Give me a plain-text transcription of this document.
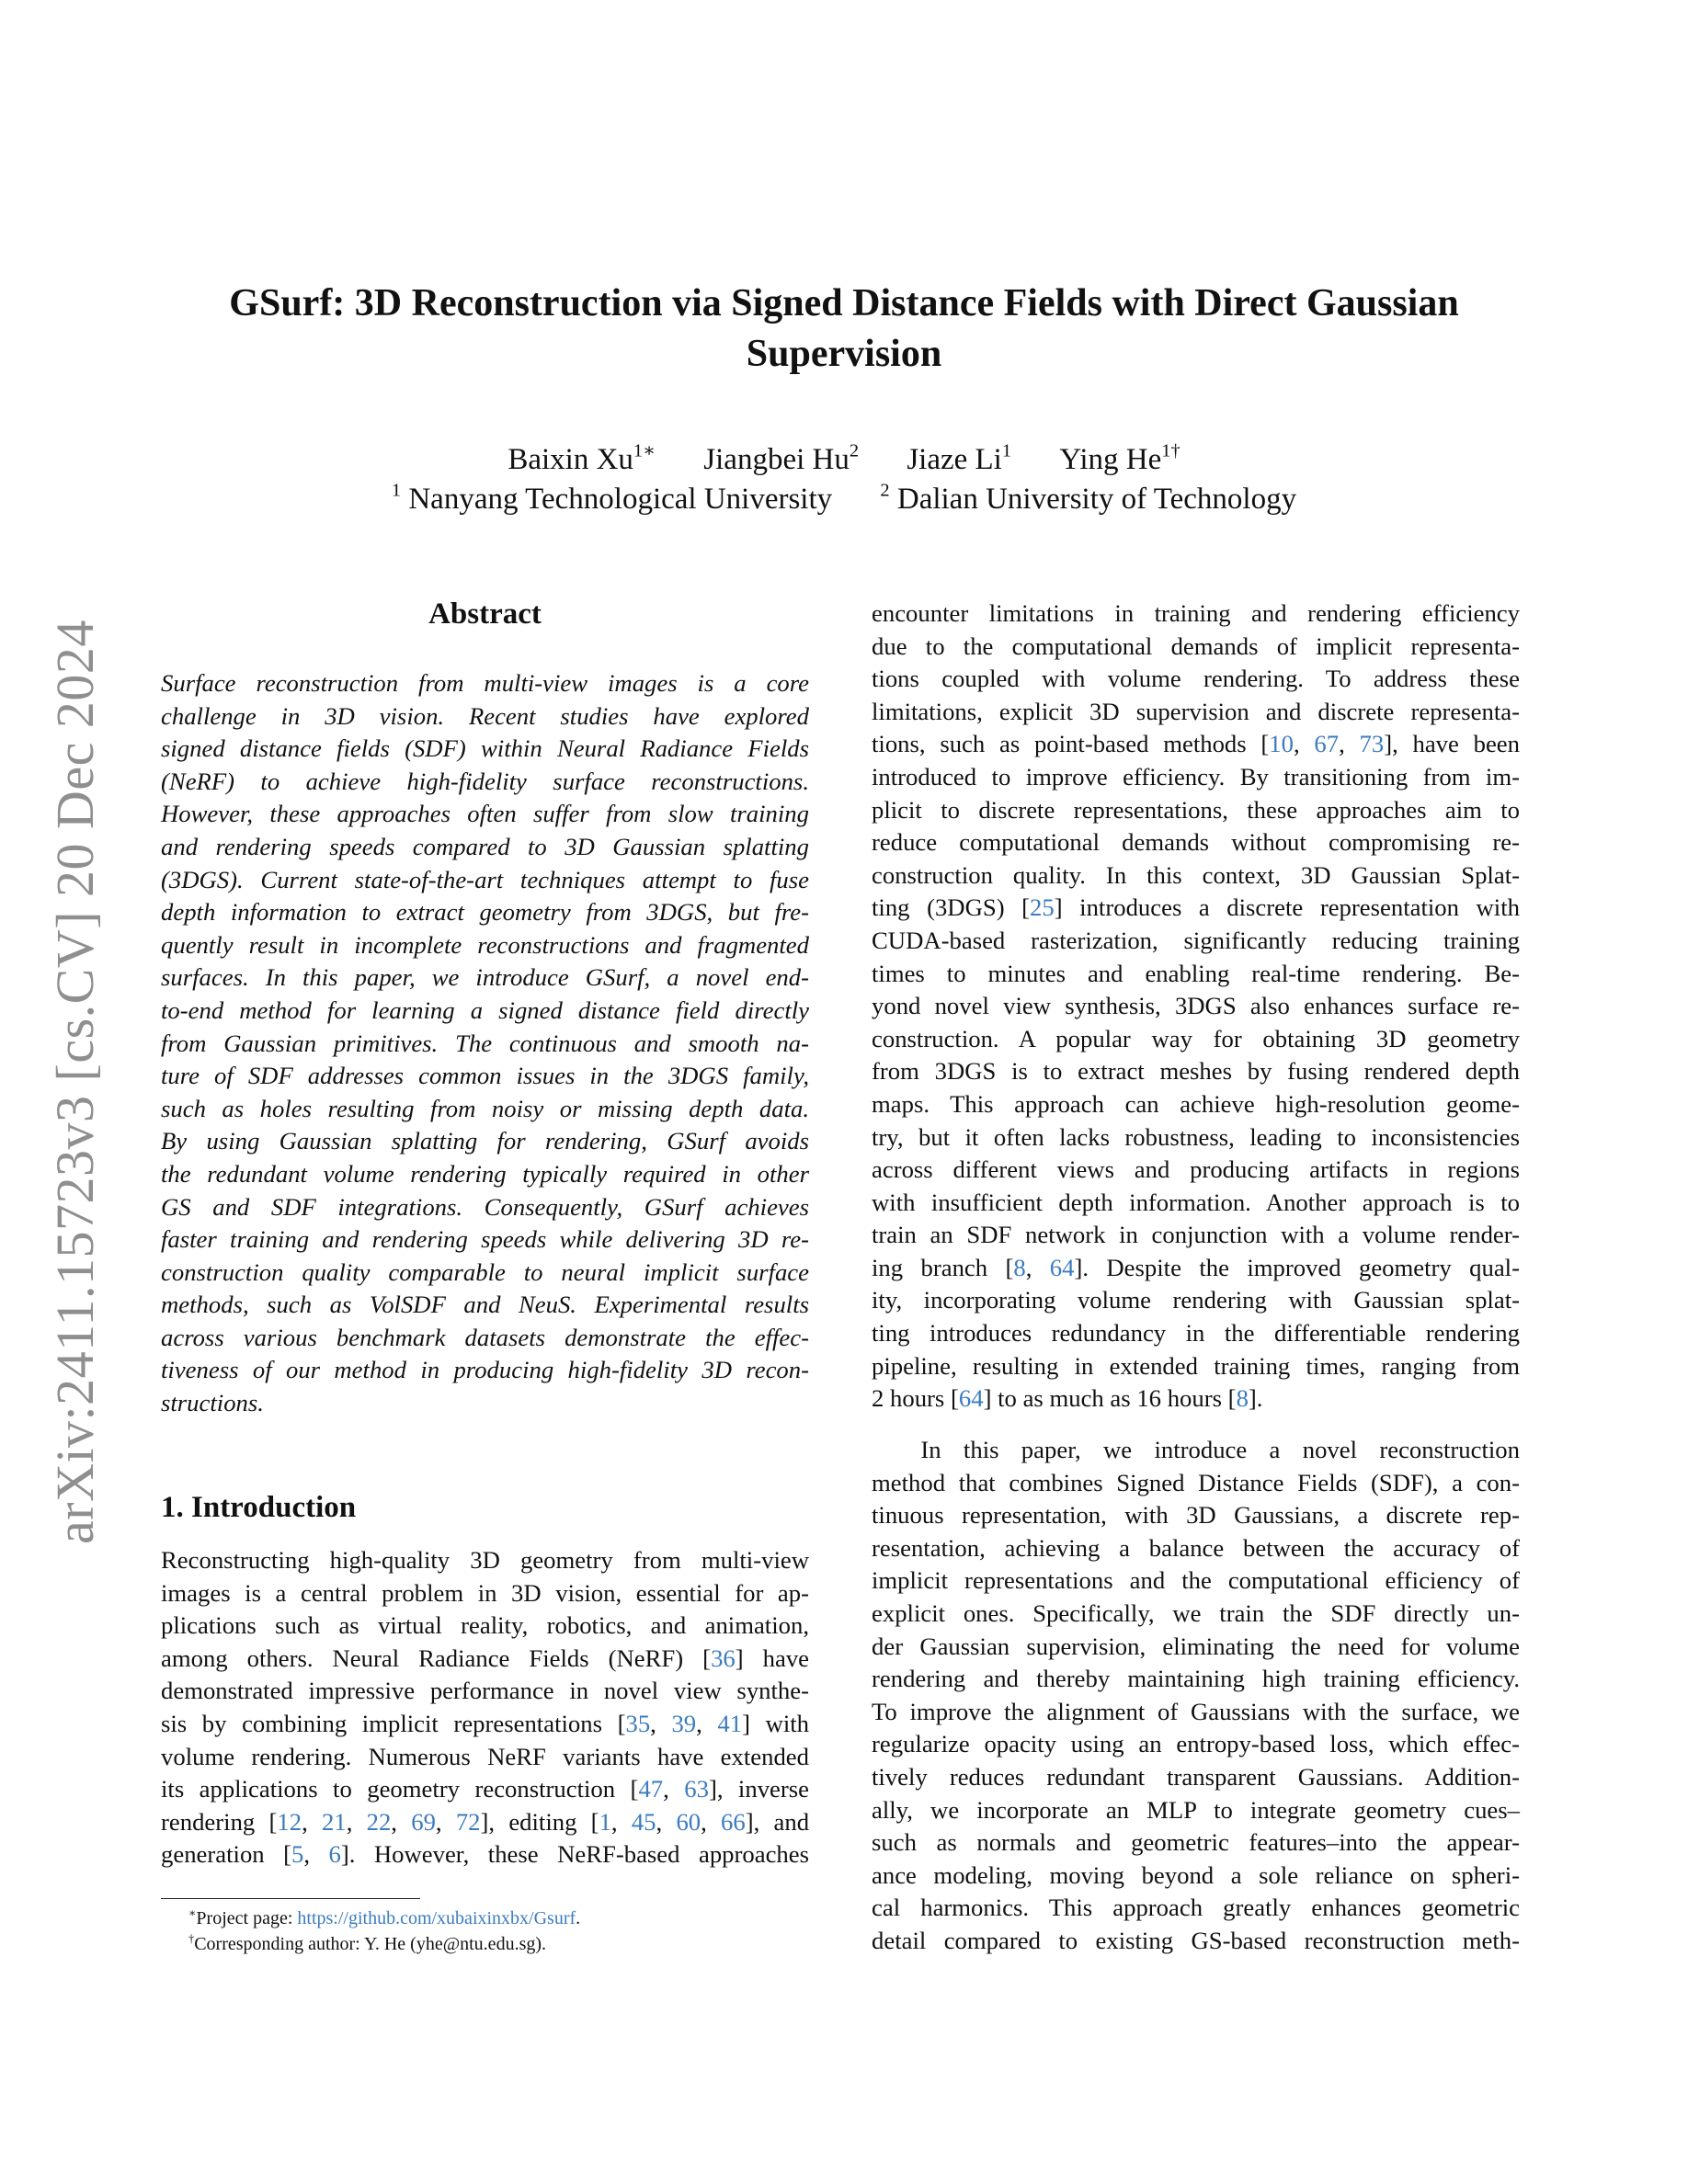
arXiv:2411.15723v3 [cs.CV] 20 Dec 2024
GSurf: 3D Reconstruction via Signed Distance Fields with Direct Gaussian Supervision
Baixin $Xu^{1∗}$ Jiangbei Hu$^2$ Jiaze Li$^1$ Ying $He^{1\dagger}$
$^1$ Nanyang Technological University	$^2$ Dalian University of Technology
Abstract
Surface reconstruction from multi-view images is a core
challenge in 3D vision. Recent studies have explored
signed distance fields (SDF) within Neural Radiance Fields
(NeRF) to achieve high-fidelity surface reconstructions.
However, these approaches often suffer from slow training
and rendering speeds compared to 3D Gaussian splatting
(3DGS). Current state-of-the-art techniques attempt to fuse
depth information to extract geometry from 3DGS, but fre-
quently result in incomplete reconstructions and fragmented
surfaces. In this paper, we introduce GSurf, a novel end-
to-end method for learning a signed distance field directly
from Gaussian primitives. The continuous and smooth na-
ture of SDF addresses common issues in the 3DGS family,
such as holes resulting from noisy or missing depth data.
By using Gaussian splatting for rendering, GSurf avoids
the redundant volume rendering typically required in other
GS and SDF integrations. Consequently, GSurf achieves
faster training and rendering speeds while delivering 3D re-
construction quality comparable to neural implicit surface
methods, such as VolSDF and NeuS. Experimental results
across various benchmark datasets demonstrate the effec-
tiveness of our method in producing high-fidelity 3D recon-
structions.
1. Introduction
Reconstructing high-quality 3D geometry from multi-view
images is a central problem in 3D vision, essential for ap-
plications such as virtual reality, robotics, and animation,
among others. Neural Radiance Fields (NeRF) [36] have
demonstrated impressive performance in novel view synthe-
sis by combining implicit representations [35, 39, 41] with
volume rendering. Numerous NeRF variants have extended
its applications to geometry reconstruction [47, 63], inverse
rendering [12, 21, 22, 69, 72], editing [1, 45, 60, 66], and
generation [5, 6]. However, these NeRF-based approaches
encounter limitations in training and rendering efficiency
due to the computational demands of implicit representa-
tions coupled with volume rendering. To address these
limitations, explicit 3D supervision and discrete representa-
tions, such as point-based methods [10, 67, 73], have been
introduced to improve efficiency. By transitioning from im-
plicit to discrete representations, these approaches aim to
reduce computational demands without compromising re-
construction quality. In this context, 3D Gaussian Splat-
ting (3DGS) [25] introduces a discrete representation with
CUDA-based rasterization, significantly reducing training
times to minutes and enabling real-time rendering. Be-
yond novel view synthesis, 3DGS also enhances surface re-
construction. A popular way for obtaining 3D geometry
from 3DGS is to extract meshes by fusing rendered depth
maps. This approach can achieve high-resolution geome-
try, but it often lacks robustness, leading to inconsistencies
across different views and producing artifacts in regions
with insufficient depth information. Another approach is to
train an SDF network in conjunction with a volume render-
ing branch [8, 64]. Despite the improved geometry qual-
ity, incorporating volume rendering with Gaussian splat-
ting introduces redundancy in the differentiable rendering
pipeline, resulting in extended training times, ranging from
2 hours [64] to as much as 16 hours [8].
  In this paper, we introduce a novel reconstruction
method that combines Signed Distance Fields (SDF), a con-
tinuous representation, with 3D Gaussians, a discrete rep-
resentation, achieving a balance between the accuracy of
implicit representations and the computational efficiency of
explicit ones. Specifically, we train the SDF directly un-
der Gaussian supervision, eliminating the need for volume
rendering and thereby maintaining high training efficiency.
To improve the alignment of Gaussians with the surface, we
regularize opacity using an entropy-based loss, which effec-
tively reduces redundant transparent Gaussians. Addition-
ally, we incorporate an MLP to integrate geometry cues–
such as normals and geometric features–into the appear-
ance modeling, moving beyond a sole reliance on spheri-
cal harmonics. This approach greatly enhances geometric
detail compared to existing GS-based reconstruction meth-
∗Project page: https://github.com/xubaixinxbx/Gsurf.
†Corresponding author: Y. He (yhe@ntu.edu.sg).
